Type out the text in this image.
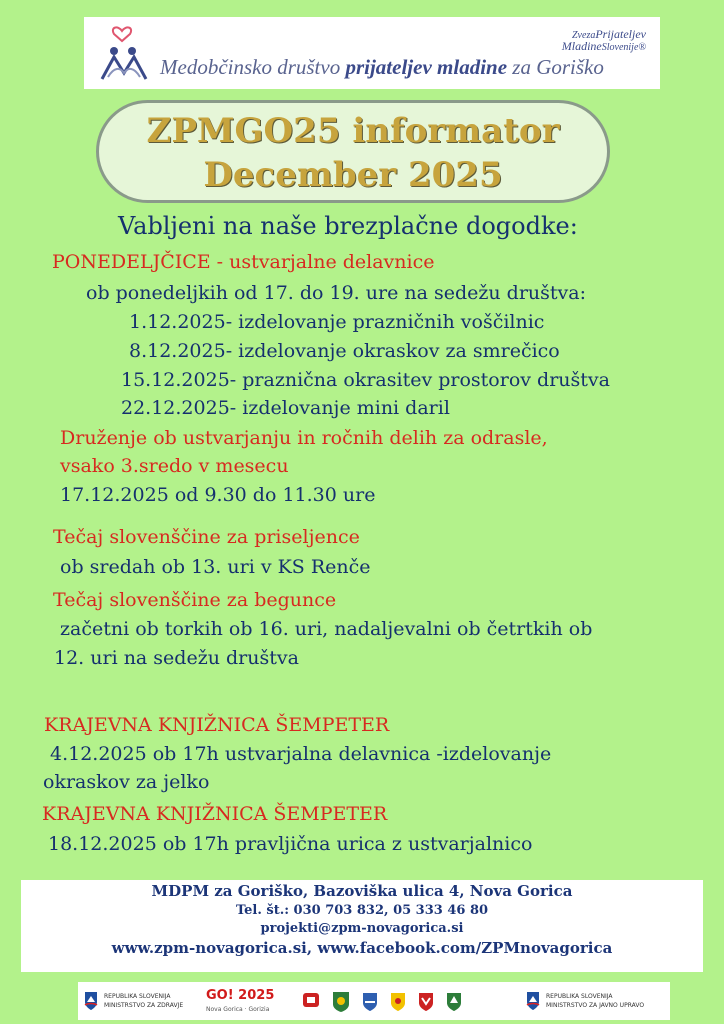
ZvezaPrijateljev
MladineSlovenije®
Medobčinsko društvo prijateljev mladine za Goriško
ZPMGO25 informator
December 2025
Vabljeni na naše brezplačne dogodke:
PONEDELJČICE - ustvarjalne delavnice
ob ponedeljkih od 17. do 19. ure na sedežu društva:
1.12.2025- izdelovanje prazničnih voščilnic
8.12.2025- izdelovanje okraskov za smrečico
15.12.2025- praznična okrasitev prostorov društva
22.12.2025- izdelovanje mini daril
Druženje ob ustvarjanju in ročnih delih za odrasle,
vsako 3.sredo v mesecu
17.12.2025 od 9.30 do 11.30 ure
Tečaj slovenščine za priseljence
ob sredah ob 13. uri v KS Renče
Tečaj slovenščine za begunce
začetni ob torkih ob 16. uri, nadaljevalni ob četrtkih ob
12. uri na sedežu društva
KRAJEVNA KNJIŽNICA ŠEMPETER
4.12.2025 ob 17h ustvarjalna delavnica -izdelovanje
okraskov za jelko
KRAJEVNA KNJIŽNICA ŠEMPETER
18.12.2025 ob 17h pravljična urica z ustvarjalnico
MDPM za Goriško, Bazoviška ulica 4, Nova Gorica
Tel. št.: 030 703 832, 05 333 46 80
projekti@zpm-novagorica.si
www.zpm-novagorica.si, www.facebook.com/ZPMnovagorica
REPUBLIKA SLOVENIJA
MINISTRSTVO ZA ZDRAVJE
GO! 2025
Nova Gorica · Gorizia
REPUBLIKA SLOVENIJA
MINISTRSTVO ZA JAVNO UPRAVO
